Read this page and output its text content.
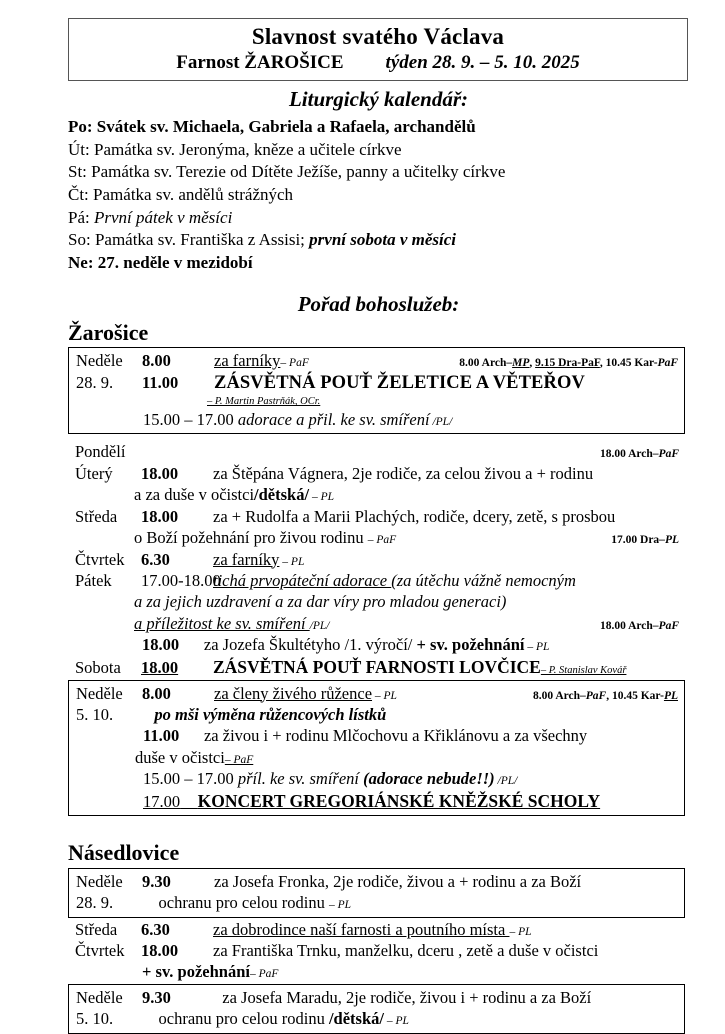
Slavnost svatého Václava
Farnost ŽAROŠICE týden 28. 9. – 5. 10. 2025
Liturgický kalendář:
Po: Svátek sv. Michaela, Gabriela a Rafaela, archandělů
Út: Památka sv. Jeronýma, kněze a učitele církve
St: Památka sv. Terezie od Dítěte Ježíše, panny a učitelky církve
Čt: Památka sv. andělů strážných
Pá: První pátek v měsíci
So: Památka sv. Františka z Assisi; první sobota v měsíci
Ne: 27. neděle v mezidobí
Pořad bohoslužeb:
Žarošice
Neděle	8.00	za farníky– PaF	8.00 Arch–MP, 9.15 Dra-PaF, 10.45 Kar-PaF
28. 9.	11.00	ZÁSVĚTNÁ POUŤ ŽELETICE A VĚTEŘOV
– P. Martin Pastrňák, OCr.
15.00 – 17.00 adorace a přil. ke sv. smíření /PL/
Pondělí	18.00 Arch–PaF
Úterý	18.00	za Štěpána Vágnera, 2je rodiče, za celou živou a + rodinu
a za duše v očistci /dětská/ – PL
Středa	18.00	za + Rudolfa a Marii Plachých, rodiče, dcery, zetě, s prosbou
o Boží požehnání pro živou rodinu – PaF	17.00 Dra–PL
Čtvrtek	6.30	za farníky – PL
Pátek	17.00-18.00
tichá prvopáteční adorace (za útěchu vážně nemocným
a za jejich uzdravení a za dar víry pro mladou generaci)
a příležitost ke sv. smíření /PL/	18.00 Arch–PaF
18.00	za Jozefa Škultétyho /1. výročí/ + sv. požehnání – PL
Sobota	18.00	ZÁSVĚTNÁ POUŤ FARNOSTI LOVČICE– P. Stanislav Kovář
Neděle	8.00	za členy živého růžence – PL	8.00 Arch–PaF, 10.45 Kar-PL
5. 10.	po mši výměna růžencových lístků
11.00	za živou i + rodinu Mlčochovu a Křiklánovu a za všechny
duše v očistci – PaF
15.00 – 17.00 příl. ke sv. smíření (adorace nebude!!) /PL/
17.00	KONCERT GREGORIÁNSKÉ KNĚŽSKÉ SCHOLY
Násedlovice
Neděle	9.30	za Josefa Fronka, 2je rodiče, živou a + rodinu a za Boží
28. 9.	ochranu pro celou rodinu – PL
Středa	6.30	za dobrodince naší farnosti a poutního místa – PL
Čtvrtek	18.00	za Františka Trnku, manželku, dceru , zetě a duše v očistci
+ sv. požehnání – PaF
Neděle	9.30	za Josefa Maradu, 2je rodiče, živou i + rodinu a za Boží
5. 10.	ochranu pro celou rodinu /dětská/ – PL
